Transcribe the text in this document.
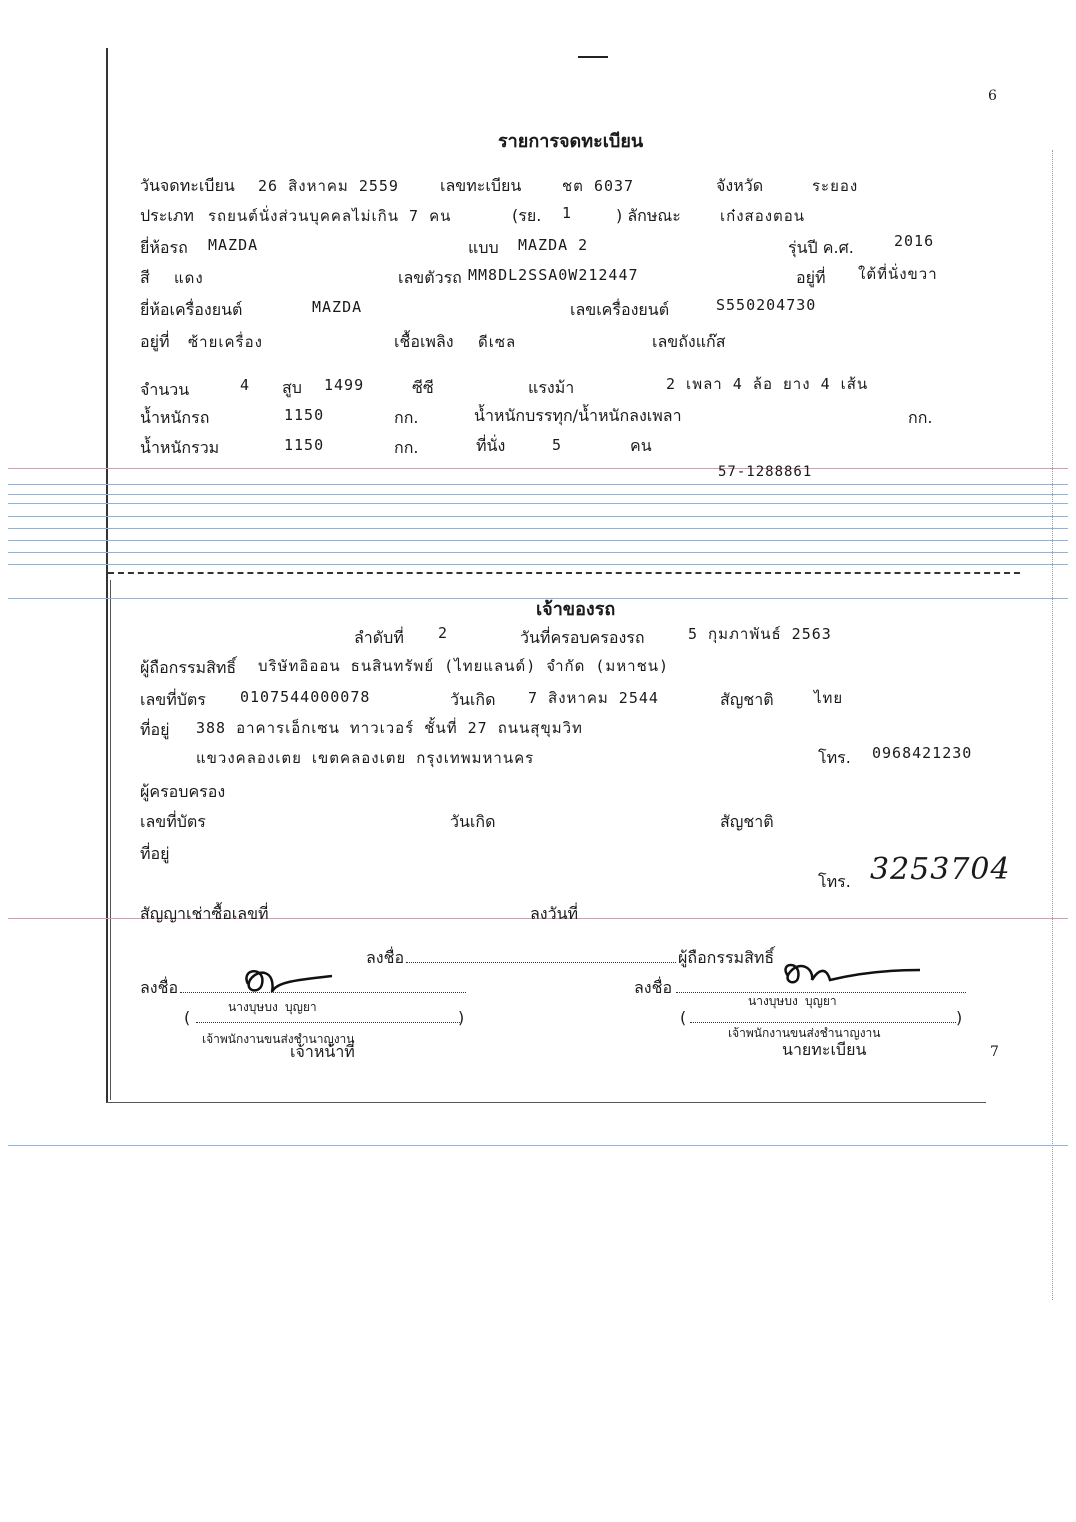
6
7
รายการจดทะเบียน
วันจดทะเบียน 26 สิงหาคม 2559	เลขทะเบียน	ชต 6037	จังหวัด	ระยอง
ประเภท รถยนต์นั่งส่วนบุคคลไม่เกิน 7 คน	(รย. 1	) ลักษณะ	เก๋งสองตอน
ยี่ห้อรถ MAZDA	แบบ MAZDA 2	รุ่นปี ค.ศ.	2016
สี แดง	เลขตัวรถ MM8DL2SSA0W212447	อยู่ที่ ใต้ที่นั่งขวา
ยี่ห้อเครื่องยนต์	MAZDA	เลขเครื่องยนต์	S550204730
อยู่ที่ ซ้ายเครื่อง	เชื้อเพลิง ดีเซล	เลขถังแก๊ส
จำนวน	4 สูบ 1499	ซีซี	แรงม้า	2 เพลา 4 ล้อ ยาง 4 เส้น
น้ำหนักรถ	1150	กก.	น้ำหนักบรรทุก/น้ำหนักลงเพลา	กก.
น้ำหนักรวม	1150	กก.	ที่นั่ง	5	คน
57-1288861
เจ้าของรถ
ลำดับที่ 2	วันที่ครอบครองรถ	5 กุมภาพันธ์ 2563
ผู้ถือกรรมสิทธิ์ บริษัทอิออน ธนสินทรัพย์ (ไทยแลนด์) จำกัด (มหาชน)
เลขที่บัตร 0107544000078	วันเกิด 7 สิงหาคม 2544	สัญชาติ	ไทย
ที่อยู่ 388 อาคารเอ็กเซน ทาวเวอร์ ชั้นที่ 27 ถนนสุขุมวิท
แขวงคลองเตย เขตคลองเตย กรุงเทพมหานคร	โทร. 0968421230
ผู้ครอบครอง
เลขที่บัตร	วันเกิด	สัญชาติ
ที่อยู่
โทร. 3253704
สัญญาเช่าซื้อเลขที่	ลงวันที่
ลงชื่อ	ผู้ถือกรรมสิทธิ์
ลงชื่อ
นางบุษบง บุญยา
(	)
เจ้าพนักงานขนส่งชำนาญงาน
เจ้าหน้าที่
ลงชื่อ
นางบุษบง บุญยา
(	)
เจ้าพนักงานขนส่งชำนาญงาน
นายทะเบียน
